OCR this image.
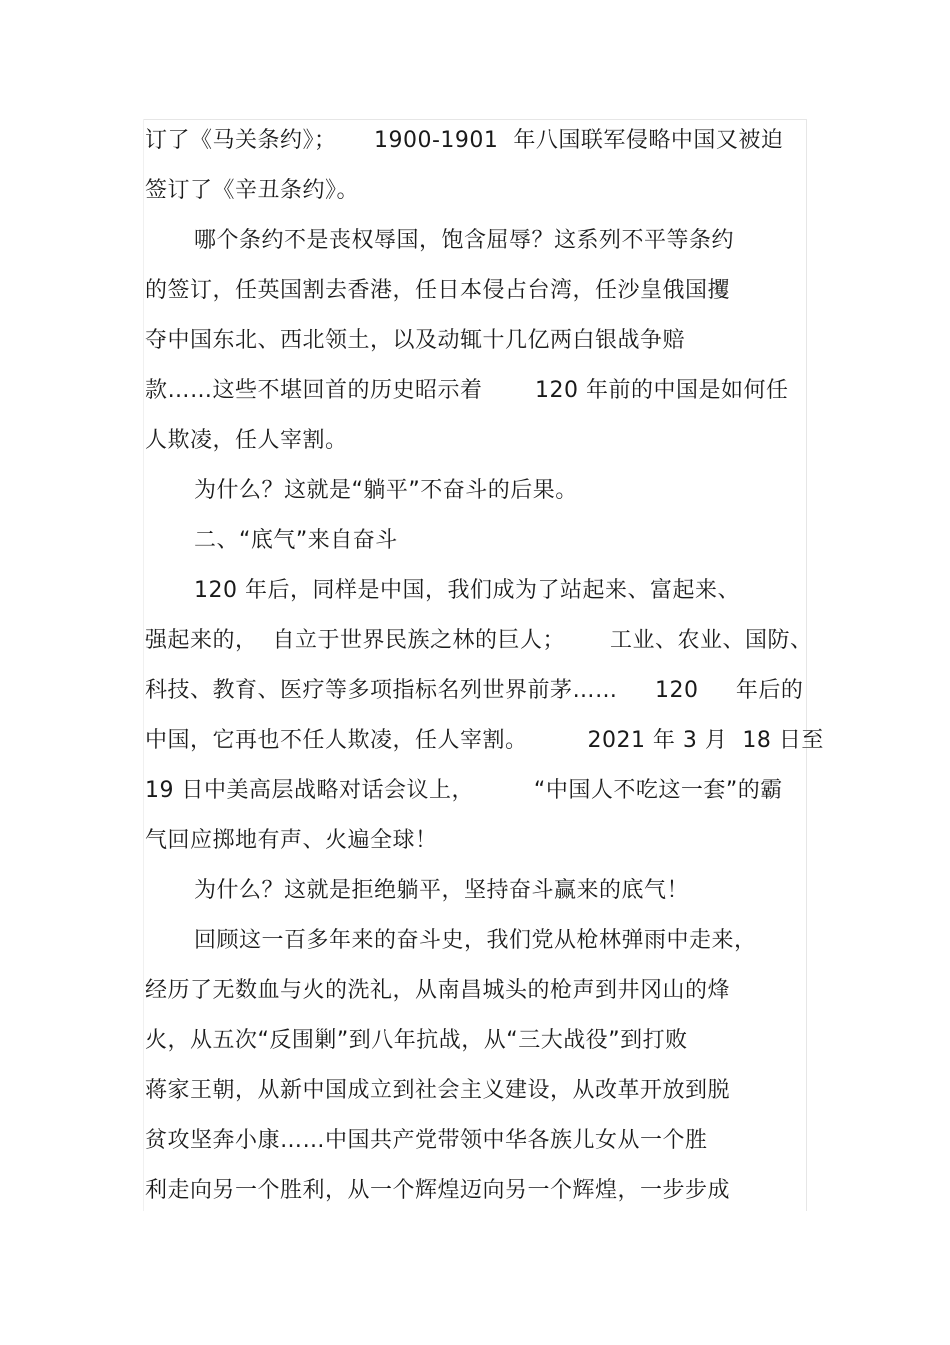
订了《马关条约》；     1900-1901  年八国联军侵略中国又被迫
签订了《辛丑条约》。
哪个条约不是丧权辱国，饱含屈辱？这系列不平等条约
的签订，任英国割去香港，任日本侵占台湾，任沙皇俄国攫
夺中国东北、西北领土，以及动辄十几亿两白银战争赔
款……这些不堪回首的历史昭示着       120 年前的中国是如何任
人欺凌，任人宰割。
为什么？这就是“躺平”不奋斗的后果。
二、“底气”来自奋斗
120 年后，同样是中国，我们成为了站起来、富起来、
强起来的，  自立于世界民族之林的巨人；      工业、农业、国防、
科技、教育、医疗等多项指标名列世界前茅……     120     年后的
中国，它再也不任人欺凌，任人宰割。        2021 年 3 月  18 日至
19 日中美高层战略对话会议上，        “中国人不吃这一套”的霸
气回应掷地有声、火遍全球！
为什么？这就是拒绝躺平，坚持奋斗赢来的底气！
回顾这一百多年来的奋斗史，我们党从枪林弹雨中走来，
经历了无数血与火的洗礼，从南昌城头的枪声到井冈山的烽
火，从五次“反围剿”到八年抗战，从“三大战役”到打败
蒋家王朝，从新中国成立到社会主义建设，从改革开放到脱
贫攻坚奔小康……中国共产党带领中华各族儿女从一个胜
利走向另一个胜利，从一个辉煌迈向另一个辉煌，一步步成
